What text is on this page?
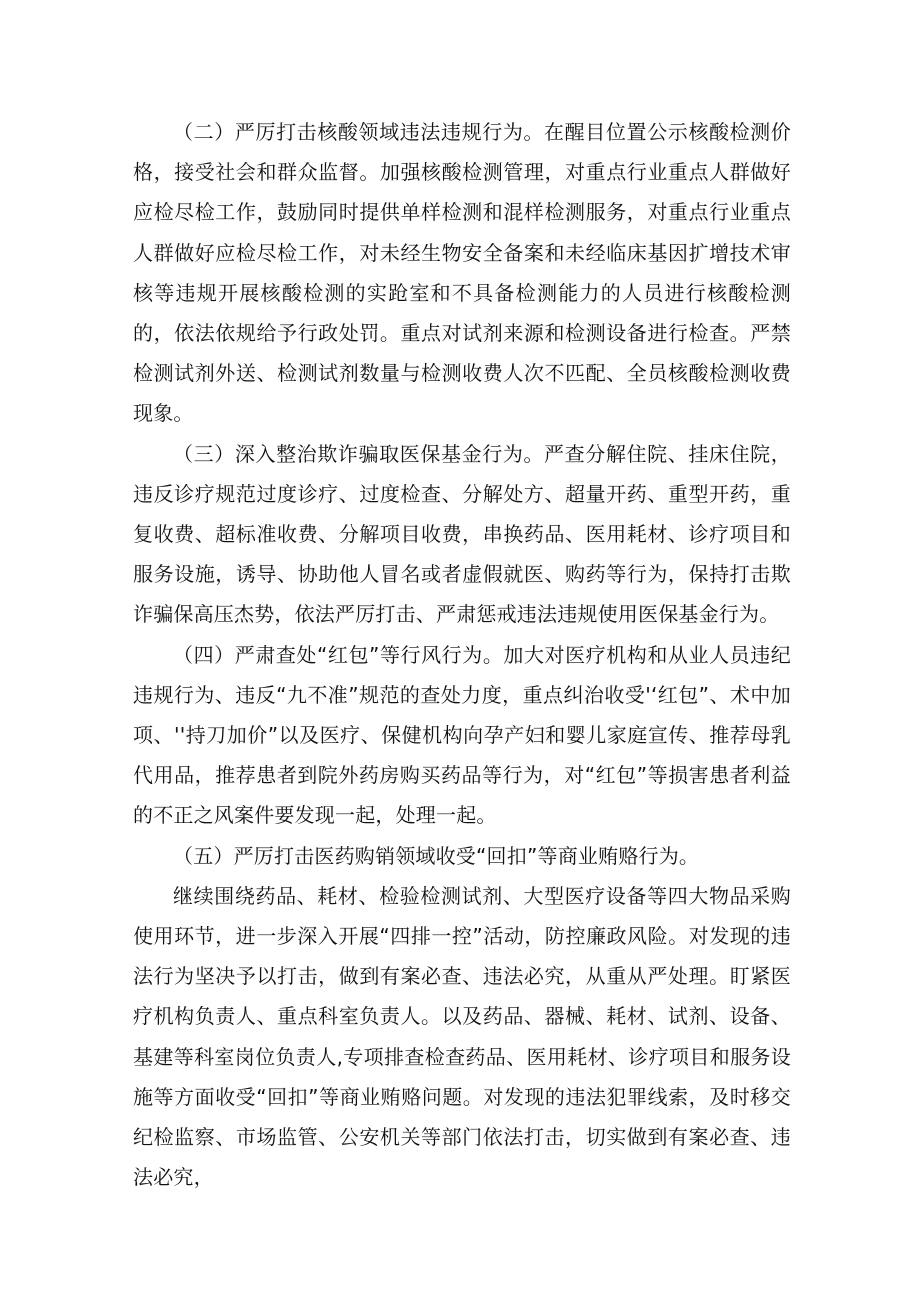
（二）严厉打击核酸领域违法违规行为。在醒目位置公示核酸检测价格，接受社会和群众监督。加强核酸检测管理，对重点行业重点人群做好应检尽检工作，鼓励同时提供单样检测和混样检测服务，对重点行业重点人群做好应检尽检工作，对未经生物安全备案和未经临床基因扩增技术审核等违规开展核酸检测的实跄室和不具备检测能力的人员进行核酸检测的，依法依规给予行政处罚。重点对试剂来源和检测设备进行检查。严禁检测试剂外送、检测试剂数量与检测收费人次不匹配、全员核酸检测收费现象。

（三）深入整治欺诈骗取医保基金行为。严查分解住院、挂床住院，违反诊疗规范过度诊疗、过度检查、分解处方、超量开药、重型开药，重复收费、超标准收费、分解项目收费，串换药品、医用耗材、诊疗项目和服务设施，诱导、协助他人冒名或者虚假就医、购药等行为，保持打击欺诈骗保高压杰势，依法严厉打击、严肃惩戒违法违规使用医保基金行为。

（四）严肃查处“红包”等行风行为。加大对医疗机构和从业人员违纪违规行为、违反“九不准”规范的查处力度，重点纠治收受'‘红包”、术中加项、''持刀加价”以及医疗、保健机构向孕产妇和婴儿家庭宣传、推荐母乳代用品，推荐患者到院外药房购买药品等行为，对“红包”等损害患者利益的不正之风案件要发现一起，处理一起。

（五）严厉打击医药购销领域收受“回扣”等商业贿赂行为。

继续围绕药品、耗材、检验检测试剂、大型医疗设备等四大物品采购使用环节，进一步深入开展“四排一控”活动，防控廉政风险。对发现的违法行为坚决予以打击，做到有案必查、违法必究，从重从严处理。盯紧医疗机构负责人、重点科室负责人。以及药品、器械、耗材、试剂、设备、基建等科室岗位负责人,专项排查检查药品、医用耗材、诊疗项目和服务设施等方面收受“回扣”等商业贿赂问题。对发现的违法犯罪线索，及时移交纪检监察、市场监管、公安机关等部门依法打击，切实做到有案必查、违法必究，
